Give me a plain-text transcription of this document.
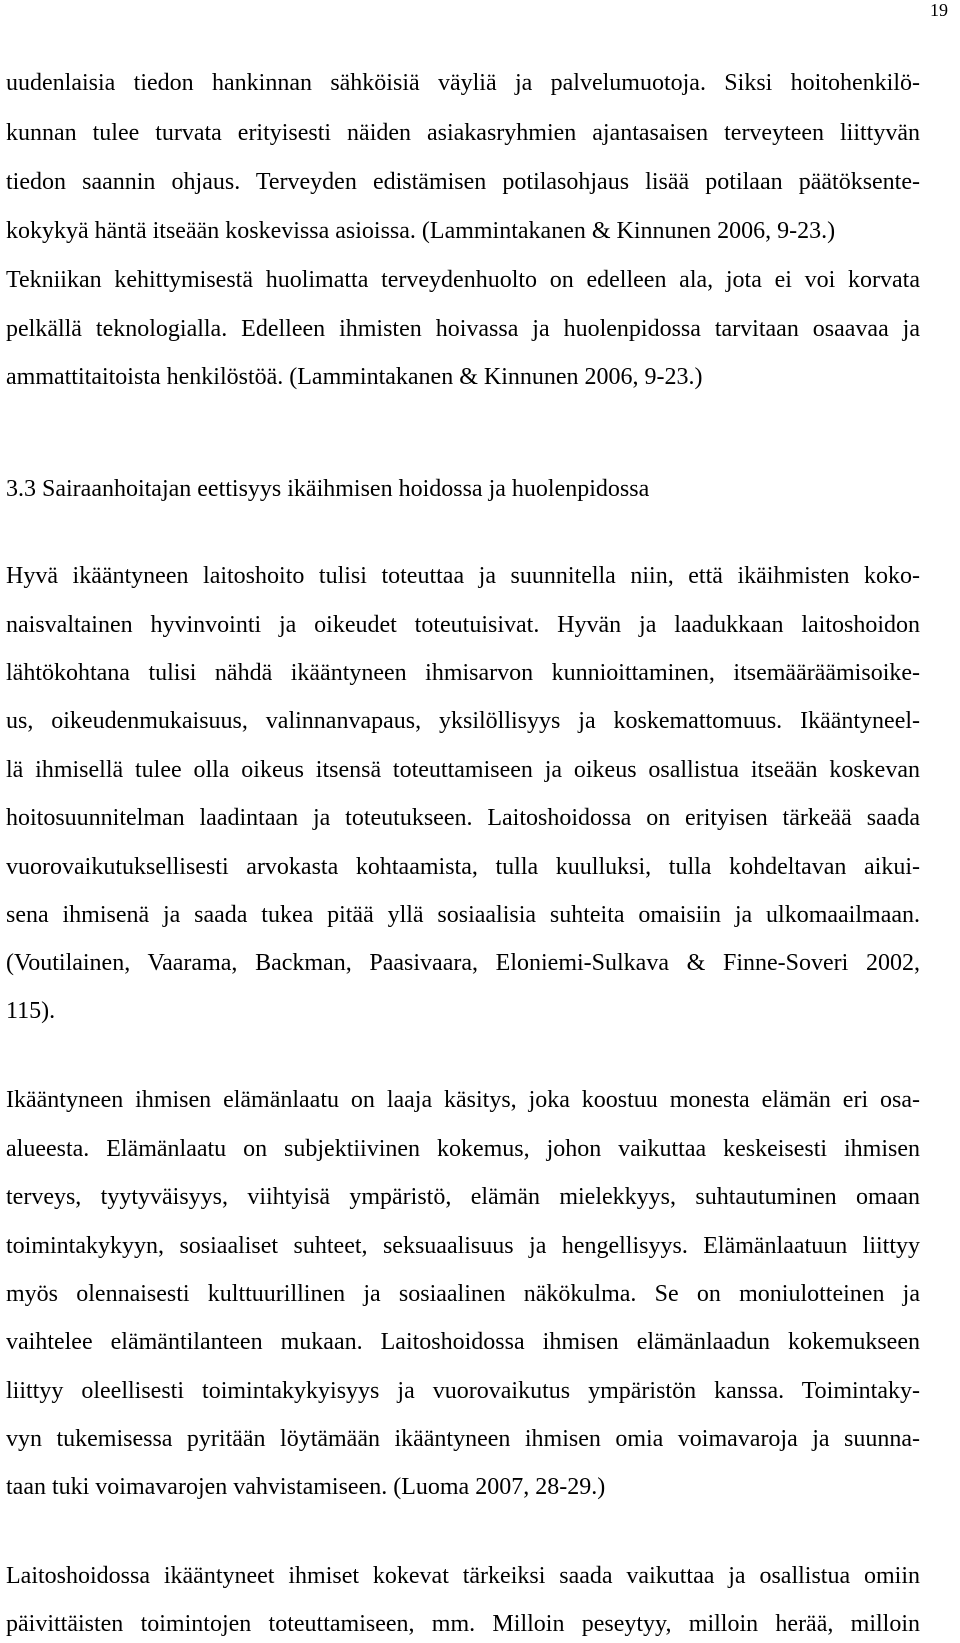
19
uudenlaisia tiedon hankinnan sähköisiä väyliä ja palvelumuotoja. Siksi hoitohenkilö-
kunnan tulee turvata erityisesti näiden asiakasryhmien ajantasaisen terveyteen liittyvän
tiedon saannin ohjaus. Terveyden edistämisen potilasohjaus lisää potilaan päätöksente-
kokykyä häntä itseään koskevissa asioissa. (Lammintakanen & Kinnunen 2006, 9-23.)
Tekniikan kehittymisestä huolimatta terveydenhuolto on edelleen ala, jota ei voi korvata
pelkällä teknologialla. Edelleen ihmisten hoivassa ja huolenpidossa tarvitaan osaavaa ja
ammattitaitoista henkilöstöä. (Lammintakanen & Kinnunen 2006, 9-23.)
3.3 Sairaanhoitajan eettisyys ikäihmisen hoidossa ja huolenpidossa
Hyvä ikääntyneen laitoshoito tulisi toteuttaa ja suunnitella niin, että ikäihmisten koko-
naisvaltainen hyvinvointi ja oikeudet toteutuisivat. Hyvän ja laadukkaan laitoshoidon
lähtökohtana tulisi nähdä ikääntyneen ihmisarvon kunnioittaminen, itsemääräämisoike-
us, oikeudenmukaisuus, valinnanvapaus, yksilöllisyys ja koskemattomuus. Ikääntyneel-
lä ihmisellä tulee olla oikeus itsensä toteuttamiseen ja oikeus osallistua itseään koskevan
hoitosuunnitelman laadintaan ja toteutukseen. Laitoshoidossa on erityisen tärkeää saada
vuorovaikutuksellisesti arvokasta kohtaamista, tulla kuulluksi, tulla kohdeltavan aikui-
sena ihmisenä ja saada tukea pitää yllä sosiaalisia suhteita omaisiin ja ulkomaailmaan.
(Voutilainen, Vaarama, Backman, Paasivaara, Eloniemi-Sulkava & Finne-Soveri 2002,
115).
Ikääntyneen ihmisen elämänlaatu on laaja käsitys, joka koostuu monesta elämän eri osa-
alueesta. Elämänlaatu on subjektiivinen kokemus, johon vaikuttaa keskeisesti ihmisen
terveys, tyytyväisyys, viihtyisä ympäristö, elämän mielekkyys, suhtautuminen omaan
toimintakykyyn, sosiaaliset suhteet, seksuaalisuus ja hengellisyys. Elämänlaatuun liittyy
myös olennaisesti kulttuurillinen ja sosiaalinen näkökulma. Se on moniulotteinen ja
vaihtelee elämäntilanteen mukaan. Laitoshoidossa ihmisen elämänlaadun kokemukseen
liittyy oleellisesti toimintakykyisyys ja vuorovaikutus ympäristön kanssa. Toimintaky-
vyn tukemisessa pyritään löytämään ikääntyneen ihmisen omia voimavaroja ja suunna-
taan tuki voimavarojen vahvistamiseen. (Luoma 2007, 28-29.)
Laitoshoidossa ikääntyneet ihmiset kokevat tärkeiksi saada vaikuttaa ja osallistua omiin
päivittäisten toimintojen toteuttamiseen, mm. Milloin peseytyy, milloin herää, milloin
